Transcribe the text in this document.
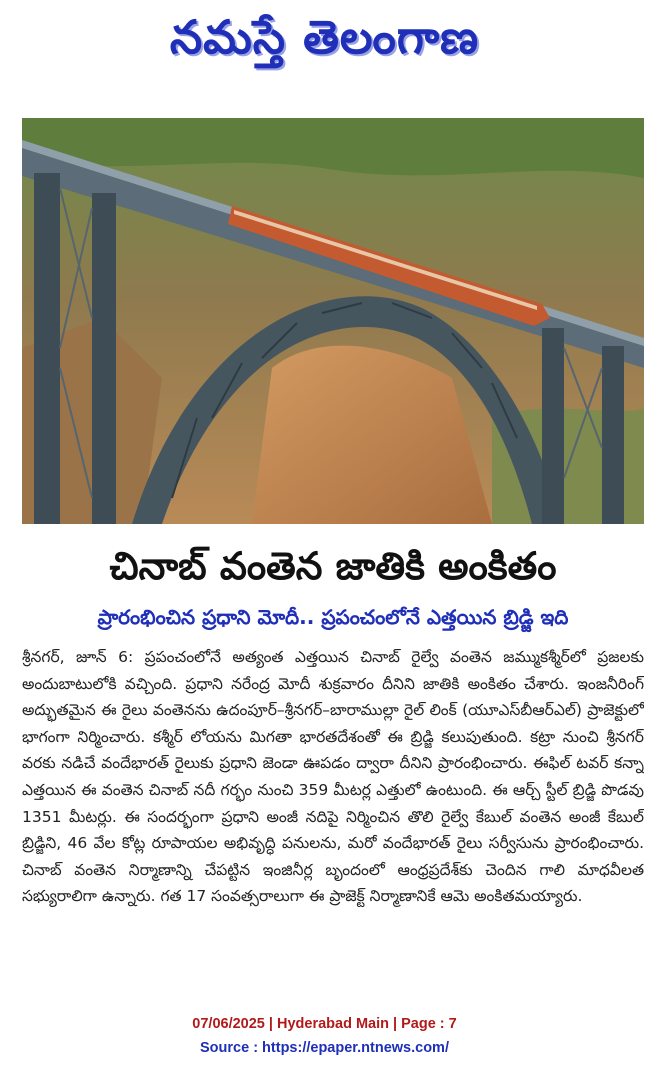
నమస్తే తెలంగాణ
చినాబ్ వంతెన జాతికి అంకితం
ప్రారంభించిన ప్రధాని మోదీ.. ప్రపంచంలోనే ఎత్తయిన బ్రిడ్జి ఇది
శ్రీనగర్, జూన్ 6: ప్రపంచంలోనే అత్యంత ఎత్తయిన చినాబ్ రైల్వే వంతెన జమ్ముకశ్మీర్‌లో ప్రజలకు అందుబాటులోకి వచ్చింది. ప్రధాని నరేంద్ర మోదీ శుక్రవారం దీనిని జాతికి అంకితం చేశారు. ఇంజనీరింగ్ అద్భుతమైన ఈ రైలు వంతెనను ఉదంపూర్–శ్రీనగర్–బారాముల్లా రైల్ లింక్ (యూఎస్‌బీఆర్‌ఎల్) ప్రాజెక్టులో భాగంగా నిర్మించారు. కశ్మీర్ లోయను మిగతా భారతదేశంతో ఈ బ్రిడ్జి కలుపుతుంది. కట్రా నుంచి శ్రీనగర్ వరకు నడిచే వందేభారత్ రైలుకు ప్రధాని జెండా ఊపడం ద్వారా దీనిని ప్రారంభించారు. ఈఫిల్ టవర్ కన్నా ఎత్తయిన ఈ వంతెన చినాబ్ నదీ గర్భం నుంచి 359 మీటర్ల ఎత్తులో ఉంటుంది. ఈ ఆర్చ్ స్టీల్ బ్రిడ్జి పొడవు 1351 మీటర్లు. ఈ సందర్భంగా ప్రధాని అంజీ నదిపై నిర్మించిన తొలి రైల్వే కేబుల్ వంతెన అంజీ కేబుల్ బ్రిడ్జిని, 46 వేల కోట్ల రూపాయల అభివృద్ధి పనులను, మరో వందేభారత్ రైలు సర్వీసును ప్రారంభించారు. చినాబ్ వంతెన నిర్మాణాన్ని చేపట్టిన ఇంజినీర్ల బృందంలో ఆంధ్రప్రదేశ్‌కు చెందిన గాలి మాధవీలత సభ్యురాలిగా ఉన్నారు. గత 17 సంవత్సరాలుగా ఈ ప్రాజెక్ట్ నిర్మాణానికే ఆమె అంకితమయ్యారు.
07/06/2025 | Hyderabad Main | Page : 7
Source : https://epaper.ntnews.com/
